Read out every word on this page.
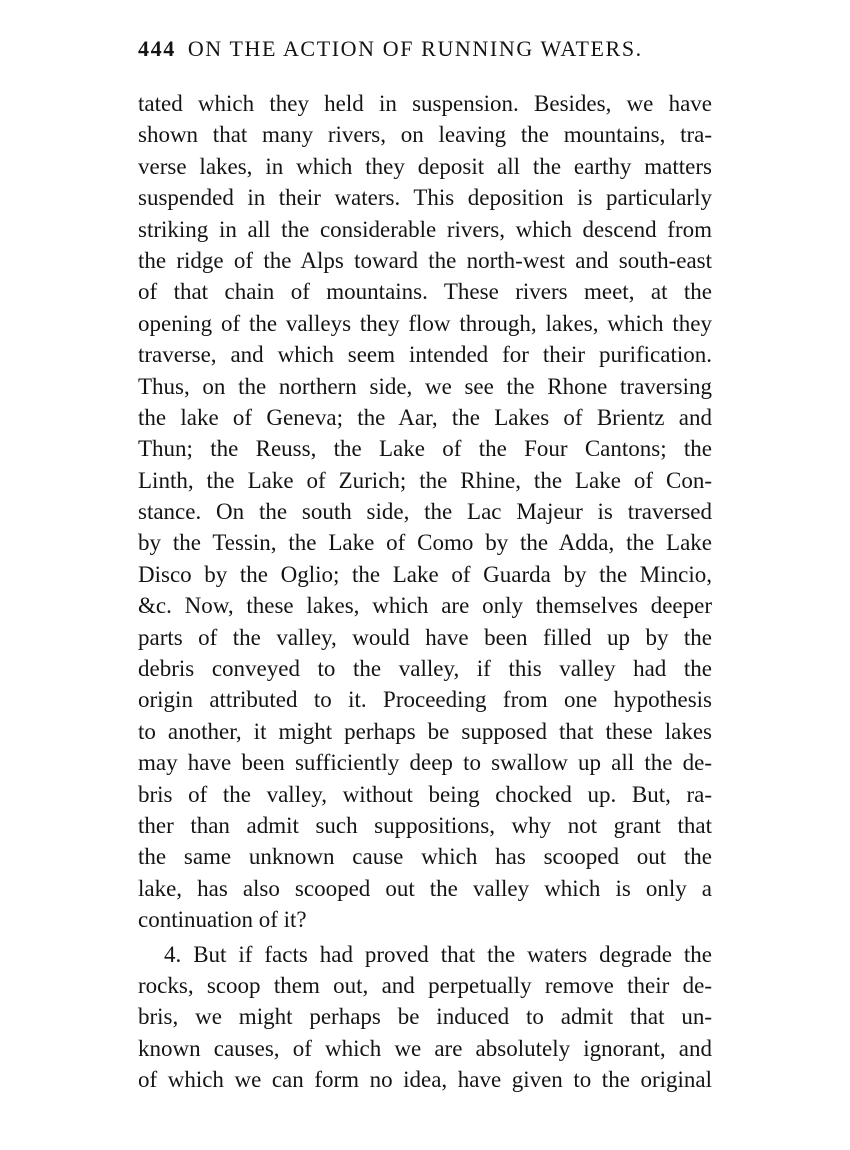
444 ON THE ACTION OF RUNNING WATERS.
tated which they held in suspension. Besides, we have
shown that many rivers, on leaving the mountains, tra-
verse lakes, in which they deposit all the earthy matters
suspended in their waters. This deposition is particularly
striking in all the considerable rivers, which descend from
the ridge of the Alps toward the north-west and south-east
of that chain of mountains. These rivers meet, at the
opening of the valleys they flow through, lakes, which they
traverse, and which seem intended for their purification.
Thus, on the northern side, we see the Rhone traversing
the lake of Geneva; the Aar, the Lakes of Brientz and
Thun; the Reuss, the Lake of the Four Cantons; the
Linth, the Lake of Zurich; the Rhine, the Lake of Con-
stance. On the south side, the Lac Majeur is traversed
by the Tessin, the Lake of Como by the Adda, the Lake
Disco by the Oglio; the Lake of Guarda by the Mincio,
&c. Now, these lakes, which are only themselves deeper
parts of the valley, would have been filled up by the
debris conveyed to the valley, if this valley had the
origin attributed to it. Proceeding from one hypothesis
to another, it might perhaps be supposed that these lakes
may have been sufficiently deep to swallow up all the de-
bris of the valley, without being chocked up. But, ra-
ther than admit such suppositions, why not grant that
the same unknown cause which has scooped out the
lake, has also scooped out the valley which is only a
continuation of it?
4. But if facts had proved that the waters degrade the
rocks, scoop them out, and perpetually remove their de-
bris, we might perhaps be induced to admit that un-
known causes, of which we are absolutely ignorant, and
of which we can form no idea, have given to the original
